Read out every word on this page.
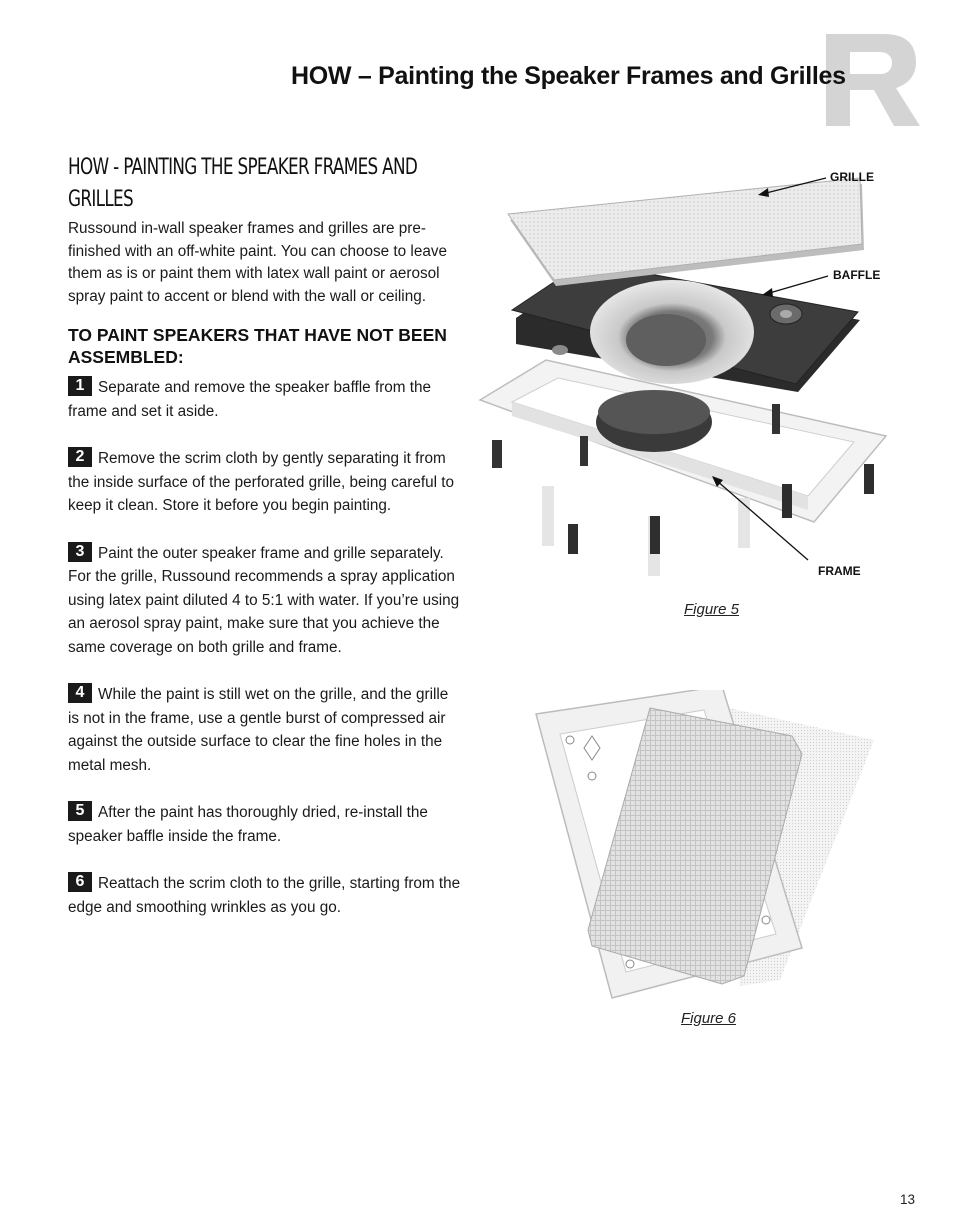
HOW – Painting the Speaker Frames and Grilles
HOW - PAINTING THE SPEAKER FRAMES AND GRILLES

Russound in-wall speaker frames and grilles are pre-finished with an off-white paint. You can choose to leave them as is or paint them with latex wall paint or aerosol spray paint to accent or blend with the wall or ceiling.

TO PAINT SPEAKERS THAT HAVE NOT BEEN ASSEMBLED:

1 Separate and remove the speaker baffle from the frame and set it aside.

2 Remove the scrim cloth by gently separating it from the inside surface of the perforated grille, being careful to keep it clean. Store it before you begin painting.

3 Paint the outer speaker frame and grille separately. For the grille, Russound recommends a spray application using latex paint diluted 4 to 5:1 with water. If you’re using an aerosol spray paint, make sure that you achieve the same coverage on both grille and frame.

4 While the paint is still wet on the grille, and the grille is not in the frame, use a gentle burst of compressed air against the outside surface to clear the fine holes in the metal mesh.

5 After the paint has thoroughly dried, re-install the speaker baffle inside the frame.

6 Reattach the scrim cloth to the grille, starting from the edge and smoothing wrinkles as you go.

GRILLE
BAFFLE
FRAME
Figure 5
Figure 6
13
